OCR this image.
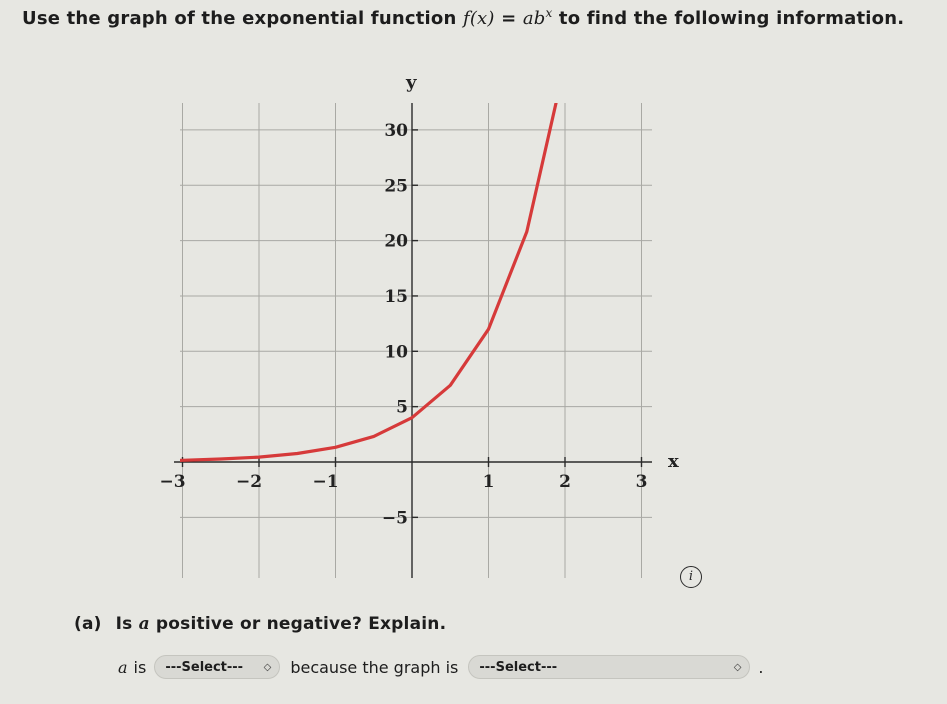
Use the graph of the exponential function $f(x) = ab^x$ to find the following information.
−3	−2	−1	1	2	3
−5
5
10
15
20
25
30
x
y
i
(a) Is a positive or negative? Explain.
a is ---Select--- ◇ because the graph is ---Select---	◇ .
